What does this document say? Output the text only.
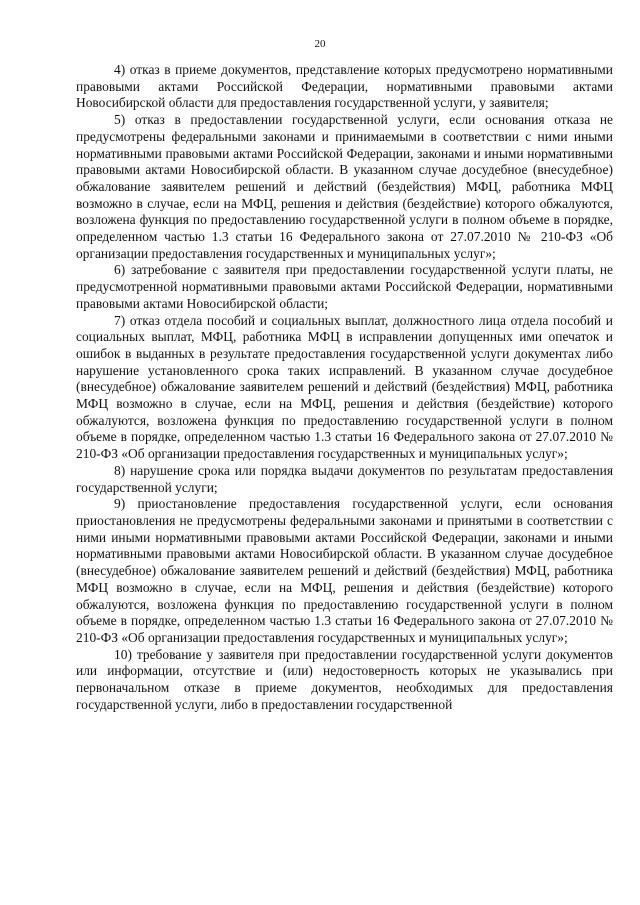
20

4) отказ в приеме документов, представление которых предусмотрено нормативными правовыми актами Российской Федерации, нормативными правовыми актами Новосибирской области для предоставления государственной услуги, у заявителя;

5) отказ в предоставлении государственной услуги, если основания отказа не предусмотрены федеральными законами и принимаемыми в соответствии с ними иными нормативными правовыми актами Российской Федерации, законами и иными нормативными правовыми актами Новосибирской области. В указанном случае досудебное (внесудебное) обжалование заявителем решений и действий (бездействия) МФЦ, работника МФЦ возможно в случае, если на МФЦ, решения и действия (бездействие) которого обжалуются, возложена функция по предоставлению государственной услуги в полном объеме в порядке, определенном частью 1.3 статьи 16 Федерального закона от 27.07.2010 № 210-ФЗ «Об организации предоставления государственных и муниципальных услуг»;

6) затребование с заявителя при предоставлении государственной услуги платы, не предусмотренной нормативными правовыми актами Российской Федерации, нормативными правовыми актами Новосибирской области;

7) отказ отдела пособий и социальных выплат, должностного лица отдела пособий и социальных выплат, МФЦ, работника МФЦ в исправлении допущенных ими опечаток и ошибок в выданных в результате предоставления государственной услуги документах либо нарушение установленного срока таких исправлений. В указанном случае досудебное (внесудебное) обжалование заявителем решений и действий (бездействия) МФЦ, работника МФЦ возможно в случае, если на МФЦ, решения и действия (бездействие) которого обжалуются, возложена функция по предоставлению государственной услуги в полном объеме в порядке, определенном частью 1.3 статьи 16 Федерального закона от 27.07.2010 № 210-ФЗ «Об организации предоставления государственных и муниципальных услуг»;

8) нарушение срока или порядка выдачи документов по результатам предоставления государственной услуги;

9) приостановление предоставления государственной услуги, если основания приостановления не предусмотрены федеральными законами и принятыми в соответствии с ними иными нормативными правовыми актами Российской Федерации, законами и иными нормативными правовыми актами Новосибирской области. В указанном случае досудебное (внесудебное) обжалование заявителем решений и действий (бездействия) МФЦ, работника МФЦ возможно в случае, если на МФЦ, решения и действия (бездействие) которого обжалуются, возложена функция по предоставлению государственной услуги в полном объеме в порядке, определенном частью 1.3 статьи 16 Федерального закона от 27.07.2010 № 210-ФЗ «Об организации предоставления государственных и муниципальных услуг»;

10) требование у заявителя при предоставлении государственной услуги документов или информации, отсутствие и (или) недостоверность которых не указывались при первоначальном отказе в приеме документов, необходимых для предоставления государственной услуги, либо в предоставлении государственной
